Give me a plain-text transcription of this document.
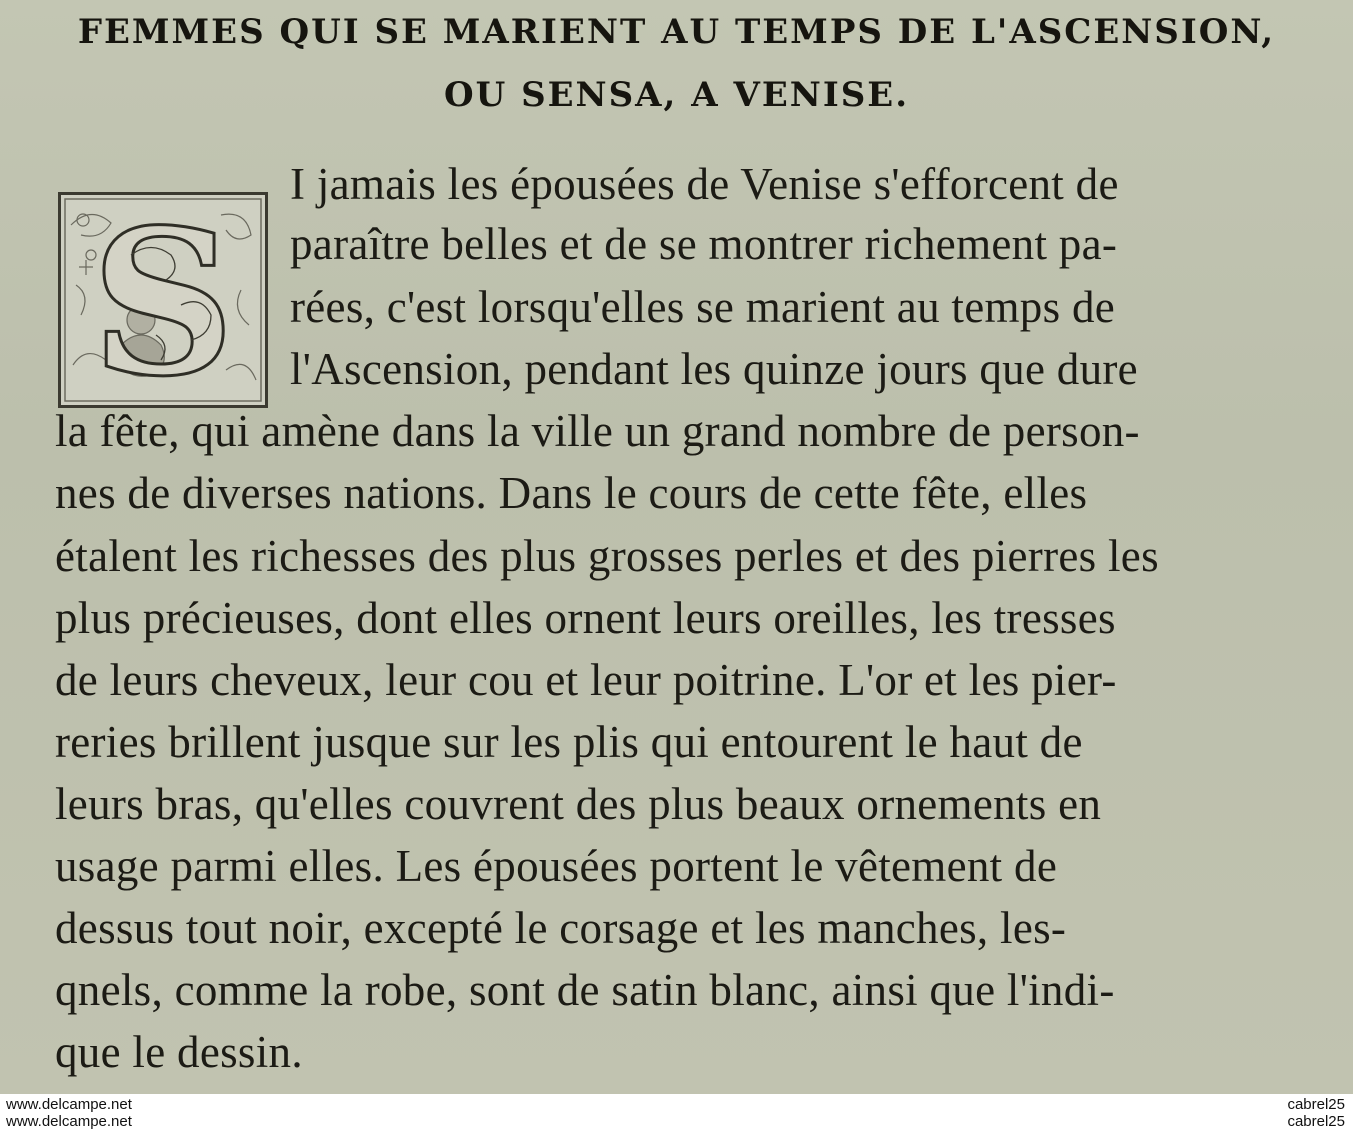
FEMMES QUI SE MARIENT AU TEMPS DE L'ASCENSION,
OU SENSA, A VENISE.
S
I jamais les épousées de Venise s'efforcent de
paraître belles et de se montrer richement pa-
rées, c'est lorsqu'elles se marient au temps de
l'Ascension, pendant les quinze jours que dure
la fête, qui amène dans la ville un grand nombre de person-
nes de diverses nations. Dans le cours de cette fête, elles
étalent les richesses des plus grosses perles et des pierres les
plus précieuses, dont elles ornent leurs oreilles, les tresses
de leurs cheveux, leur cou et leur poitrine. L'or et les pier-
reries brillent jusque sur les plis qui entourent le haut de
leurs bras, qu'elles couvrent des plus beaux ornements en
usage parmi elles. Les épousées portent le vêtement de
dessus tout noir, excepté le corsage et les manches, les-
qnels, comme la robe, sont de satin blanc, ainsi que l'indi-
que le dessin.
www.delcampe.net
www.delcampe.net
cabrel25
cabrel25
